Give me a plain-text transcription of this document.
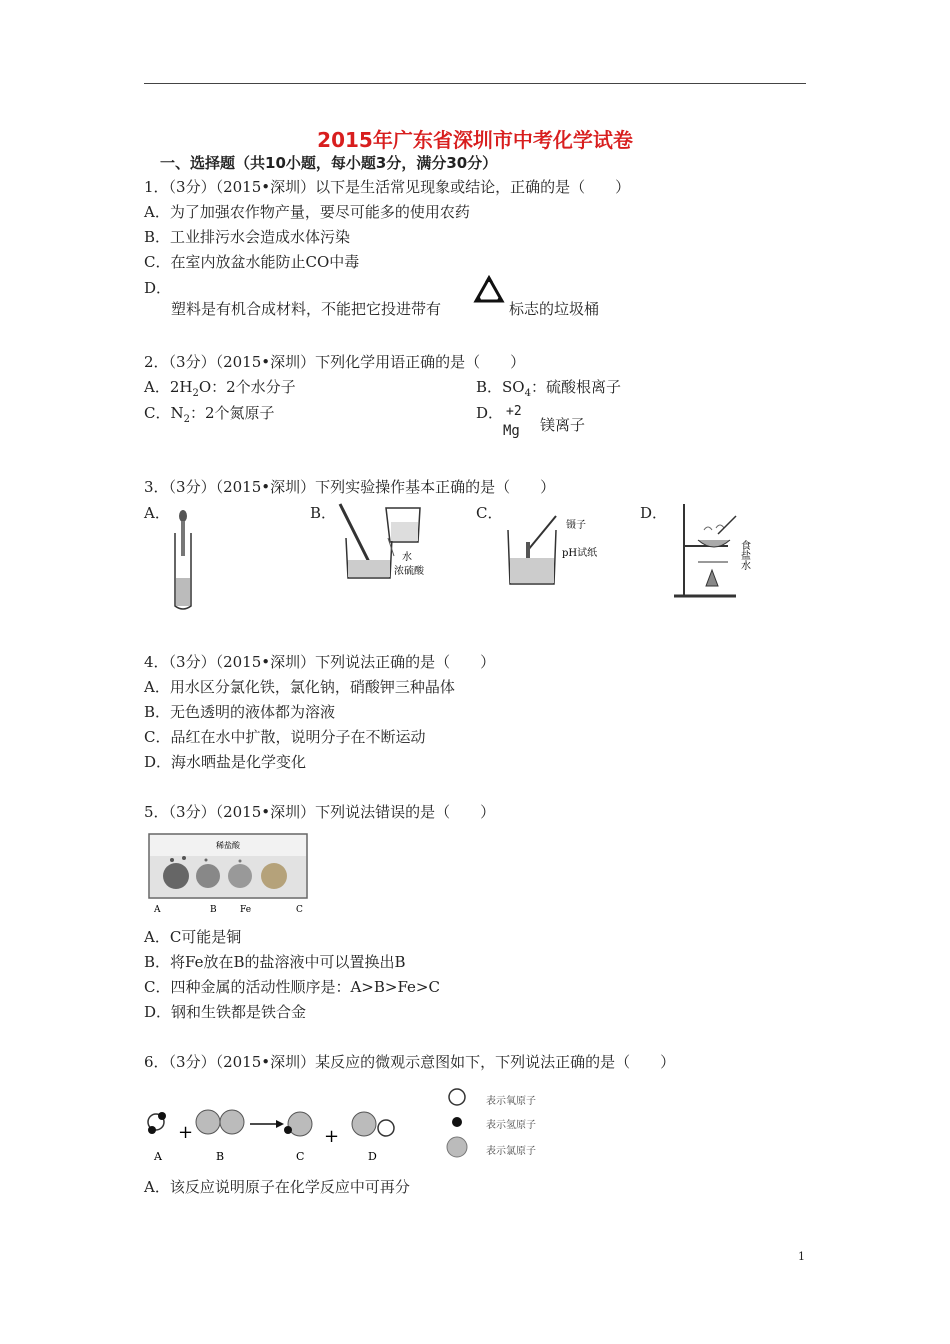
2015年广东省深圳市中考化学试卷
一、选择题（共10小题，每小题3分，满分30分）
1．（3分）（2015•深圳）以下是生活常见现象或结论，正确的是（　　）
A．为了加强农作物产量，要尽可能多的使用农药
B．工业排污水会造成水体污染
C．在室内放盆水能防止CO中毒
D．
塑料是有机合成材料，不能把它投进带有	标志的垃圾桶
2．（3分）（2015•深圳）下列化学用语正确的是（　　）
A．$2H_2O$：2个水分子	B．$SO_4$：硫酸根离子
C．$N_2$：2个氮原子	D． +2
Mg 镁离子
3．（3分）（2015•深圳）下列实验操作基本正确的是（　　）
A．	B．	C．	D．
水
浓硫酸
镊子
pH试纸	食盐水
4．（3分）（2015•深圳）下列说法正确的是（　　）
A．用水区分氯化铁，氯化钠，硝酸钾三种晶体
B．无色透明的液体都为溶液
C．品红在水中扩散，说明分子在不断运动
D．海水晒盐是化学变化
5．（3分）（2015•深圳）下列说法错误的是（　　）
稀盐酸
A	B	Fe	C
A．C可能是铜
B．将Fe放在B的盐溶液中可以置换出B
C．四种金属的活动性顺序是：A>B>Fe>C
D．钢和生铁都是铁合金
6．（3分）（2015•深圳）某反应的微观示意图如下，下列说法正确的是（　　）
+	+
A	B	C	D
表示氧原子
表示氢原子
表示氯原子
A．该反应说明原子在化学反应中可再分
1
